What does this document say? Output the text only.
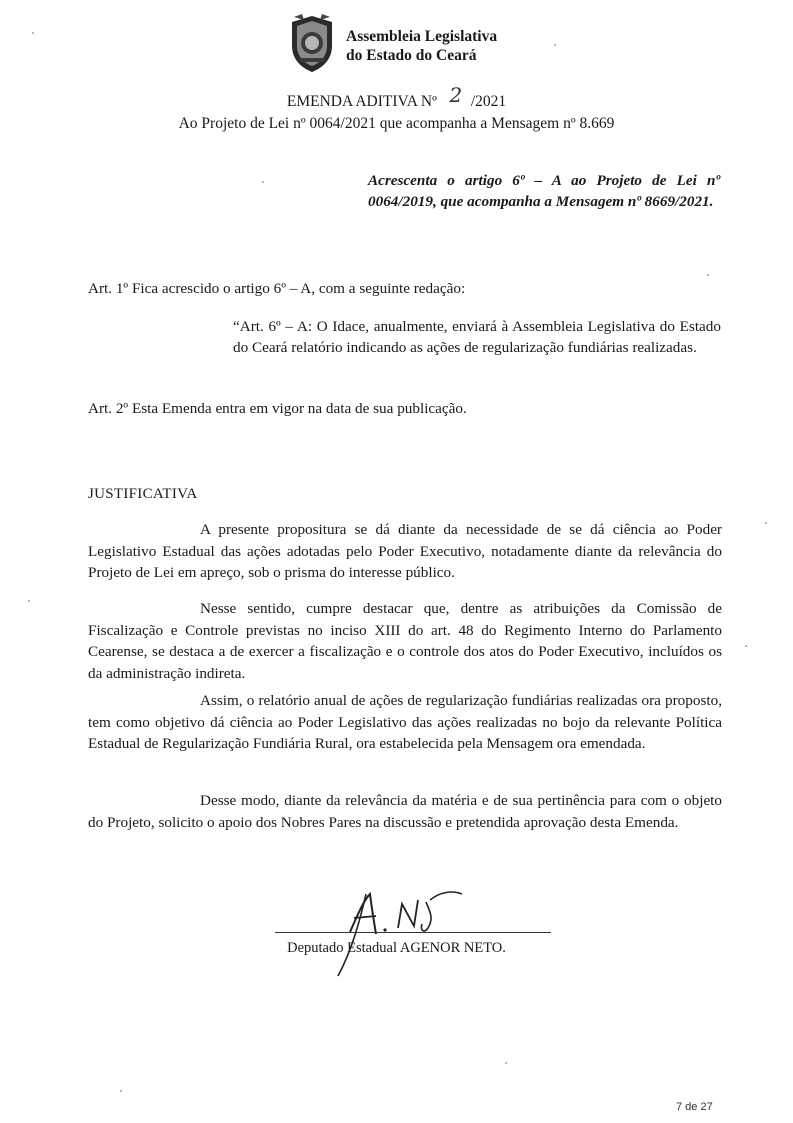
Assembleia Legislativa
do Estado do Ceará
EMENDA ADITIVA Nº 2 /2021
Ao Projeto de Lei nº 0064/2021 que acompanha a Mensagem nº 8.669
Acrescenta o artigo 6º – A ao Projeto de Lei nº 0064/2019, que acompanha a Mensagem nº 8669/2021.
Art. 1º Fica acrescido o artigo 6º – A, com a seguinte redação:
“Art. 6º – A: O Idace, anualmente, enviará à Assembleia Legislativa do Estado do Ceará relatório indicando as ações de regularização fundiárias realizadas.
Art. 2º Esta Emenda entra em vigor na data de sua publicação.
JUSTIFICATIVA

A presente propositura se dá diante da necessidade de se dá ciência ao Poder Legislativo Estadual das ações adotadas pelo Poder Executivo, notadamente diante da relevância do Projeto de Lei em apreço, sob o prisma do interesse público.

Nesse sentido, cumpre destacar que, dentre as atribuições da Comissão de Fiscalização e Controle previstas no inciso XIII do art. 48 do Regimento Interno do Parlamento Cearense, se destaca a de exercer a fiscalização e o controle dos atos do Poder Executivo, incluídos os da administração indireta.

Assim, o relatório anual de ações de regularização fundiárias realizadas ora proposto, tem como objetivo dá ciência ao Poder Legislativo das ações realizadas no bojo da relevante Política Estadual de Regularização Fundiária Rural, ora estabelecida pela Mensagem ora emendada.

Desse modo, diante da relevância da matéria e de sua pertinência para com o objeto do Projeto, solicito o apoio dos Nobres Pares na discussão e pretendida aprovação desta Emenda.

Deputado Estadual AGENOR NETO.
7 de 27
